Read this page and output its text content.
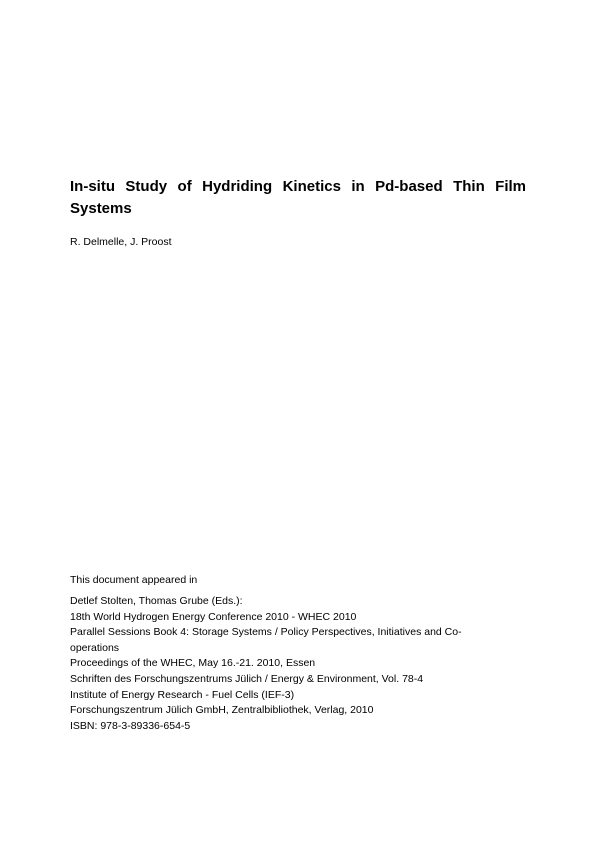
In-situ Study of Hydriding Kinetics in Pd-based Thin Film
Systems

R. Delmelle, J. Proost

This document appeared in

Detlef Stolten, Thomas Grube (Eds.):
18th World Hydrogen Energy Conference 2010 - WHEC 2010
Parallel Sessions Book 4: Storage Systems / Policy Perspectives, Initiatives and Co-
operations
Proceedings of the WHEC, May 16.-21. 2010, Essen
Schriften des Forschungszentrums Jülich / Energy & Environment, Vol. 78-4
Institute of Energy Research - Fuel Cells (IEF-3)
Forschungszentrum Jülich GmbH, Zentralbibliothek, Verlag, 2010
ISBN: 978-3-89336-654-5
